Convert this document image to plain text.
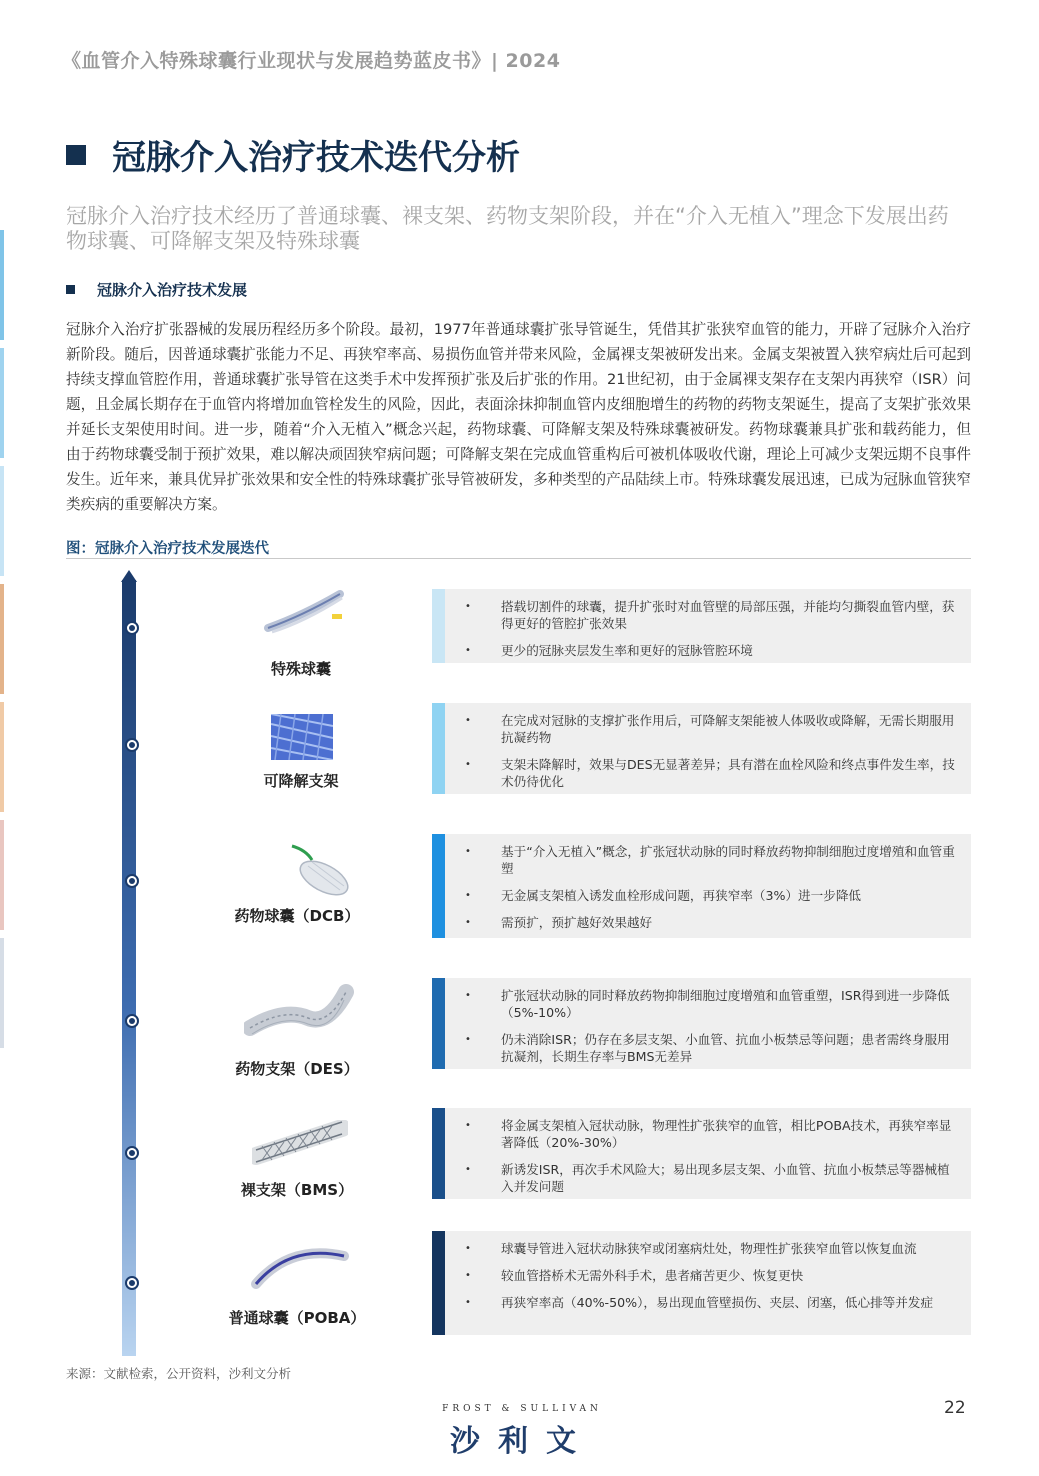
《血管介入特殊球囊行业现状与发展趋势蓝皮书》| 2024
冠脉介入治疗技术迭代分析
冠脉介入治疗技术经历了普通球囊、裸支架、药物支架阶段，并在“介入无植入”理念下发展出药物球囊、可降解支架及特殊球囊
冠脉介入治疗技术发展
冠脉介入治疗扩张器械的发展历程经历多个阶段。最初，1977年普通球囊扩张导管诞生，凭借其扩张狭窄血管的能力，开辟了冠脉介入治疗新阶段。随后，因普通球囊扩张能力不足、再狭窄率高、易损伤血管并带来风险，金属裸支架被研发出来。金属支架被置入狭窄病灶后可起到持续支撑血管腔作用，普通球囊扩张导管在这类手术中发挥预扩张及后扩张的作用。21世纪初，由于金属裸支架存在支架内再狭窄（ISR）问题，且金属长期存在于血管内将增加血管栓发生的风险，因此，表面涂抹抑制血管内皮细胞增生的药物的药物支架诞生，提高了支架扩张效果并延长支架使用时间。进一步，随着“介入无植入”概念兴起，药物球囊、可降解支架及特殊球囊被研发。药物球囊兼具扩张和载药能力，但由于药物球囊受制于预扩效果，难以解决顽固狭窄病问题；可降解支架在完成血管重构后可被机体吸收代谢，理论上可减少支架远期不良事件发生。近年来，兼具优异扩张效果和安全性的特殊球囊扩张导管被研发，多种类型的产品陆续上市。特殊球囊发展迅速，已成为冠脉血管狭窄类疾病的重要解决方案。
图：冠脉介入治疗技术发展迭代
特殊球囊
•	搭载切割件的球囊，提升扩张时对血管壁的局部压强，并能均匀撕裂血管内壁，获得更好的管腔扩张效果
•	更少的冠脉夹层发生率和更好的冠脉管腔环境
可降解支架
•	在完成对冠脉的支撑扩张作用后，可降解支架能被人体吸收或降解，无需长期服用抗凝药物
•	支架未降解时，效果与DES无显著差异；具有潜在血栓风险和终点事件发生率，技术仍待优化
药物球囊（DCB）
•	基于“介入无植入”概念，扩张冠状动脉的同时释放药物抑制细胞过度增殖和血管重塑
•	无金属支架植入诱发血栓形成问题，再狭窄率（3%）进一步降低
•	需预扩，预扩越好效果越好
药物支架（DES）
•	扩张冠状动脉的同时释放药物抑制细胞过度增殖和血管重塑，ISR得到进一步降低（5%-10%）
•	仍未消除ISR；仍存在多层支架、小血管、抗血小板禁忌等问题；患者需终身服用抗凝剂，长期生存率与BMS无差异
裸支架（BMS）
•	将金属支架植入冠状动脉，物理性扩张狭窄的血管，相比POBA技术，再狭窄率显著降低（20%-30%）
•	新诱发ISR，再次手术风险大；易出现多层支架、小血管、抗血小板禁忌等器械植入并发问题
普通球囊（POBA）
•	球囊导管进入冠状动脉狭窄或闭塞病灶处，物理性扩张狭窄血管以恢复血流
•	较血管搭桥术无需外科手术，患者痛苦更少、恢复更快
•	再狭窄率高（40%-50%），易出现血管壁损伤、夹层、闭塞，低心排等并发症
来源：文献检索，公开资料，沙利文分析
FROST & SULLIVAN
沙利文
22
